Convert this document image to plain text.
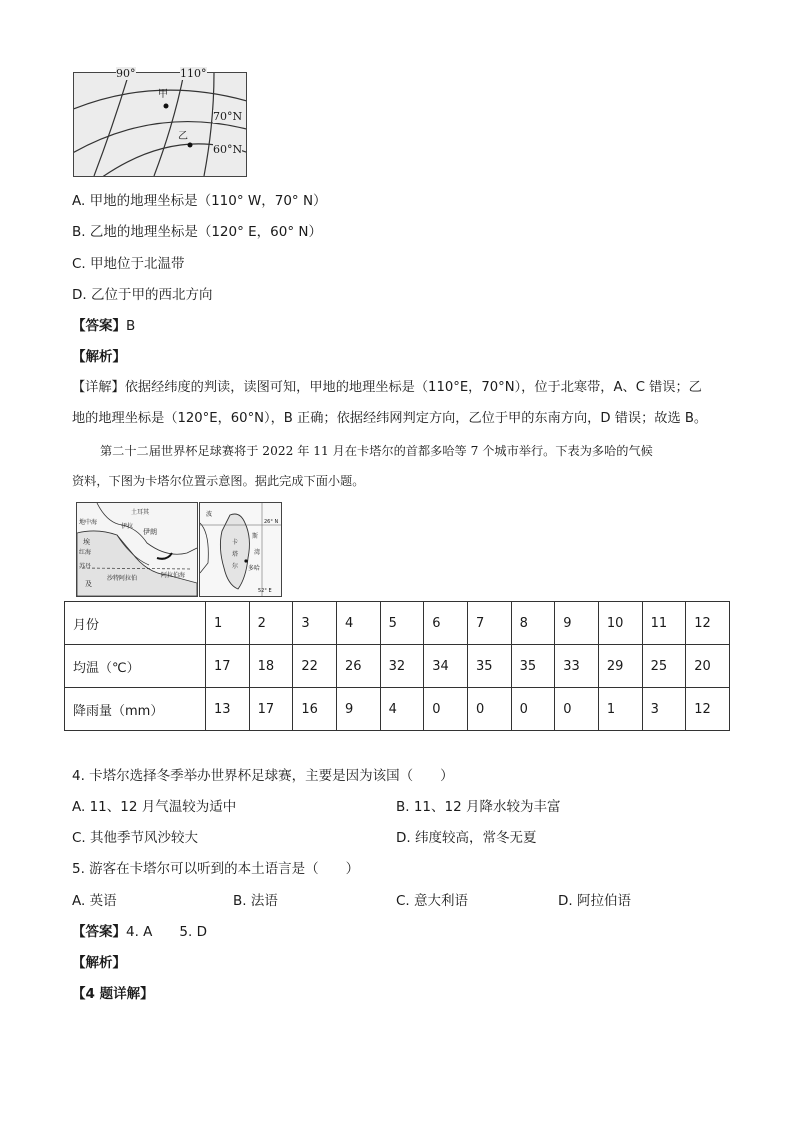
90°	110°
甲
乙
70°N
60°N
A. 甲地的地理坐标是（110° W，70° N）
B. 乙地的地理坐标是（120° E，60° N）
C. 甲地位于北温带
D. 乙位于甲的西北方向
【答案】B
【解析】
【详解】依据经纬度的判读，读图可知，甲地的地理坐标是（110°E，70°N），位于北寒带，A、C 错误；乙
地的地理坐标是（120°E，60°N），B 正确；依据经纬网判定方向，乙位于甲的东南方向，D 错误；故选 B。
第二十二届世界杯足球赛将于 2022 年 11 月在卡塔尔的首都多哈等 7 个城市举行。下表为多哈的气候
资料，下图为卡塔尔位置示意图。据此完成下面小题。
土耳其
地中海
埃
及
伊拉
伊朗
苏丹
红海
沙特阿拉伯	阿拉伯海
波
斯
湾
卡
塔
尔 多哈
26° N
52° E
月份	1	2	3	4	5	6	7	8	9	10	11	12
均温（℃）	17	18	22	26	32	34	35	35	33	29	25	20
降雨量（mm）	13	17	16	9	4	0	0	0	0	1	3	12
4. 卡塔尔选择冬季举办世界杯足球赛，主要是因为该国（　　）
A. 11、12 月气温较为适中	B. 11、12 月降水较为丰富
C. 其他季节风沙较大	D. 纬度较高，常冬无夏
5. 游客在卡塔尔可以听到的本土语言是（　　）
A. 英语	B. 法语	C. 意大利语	D. 阿拉伯语
【答案】4. A　　5. D
【解析】
【4 题详解】
